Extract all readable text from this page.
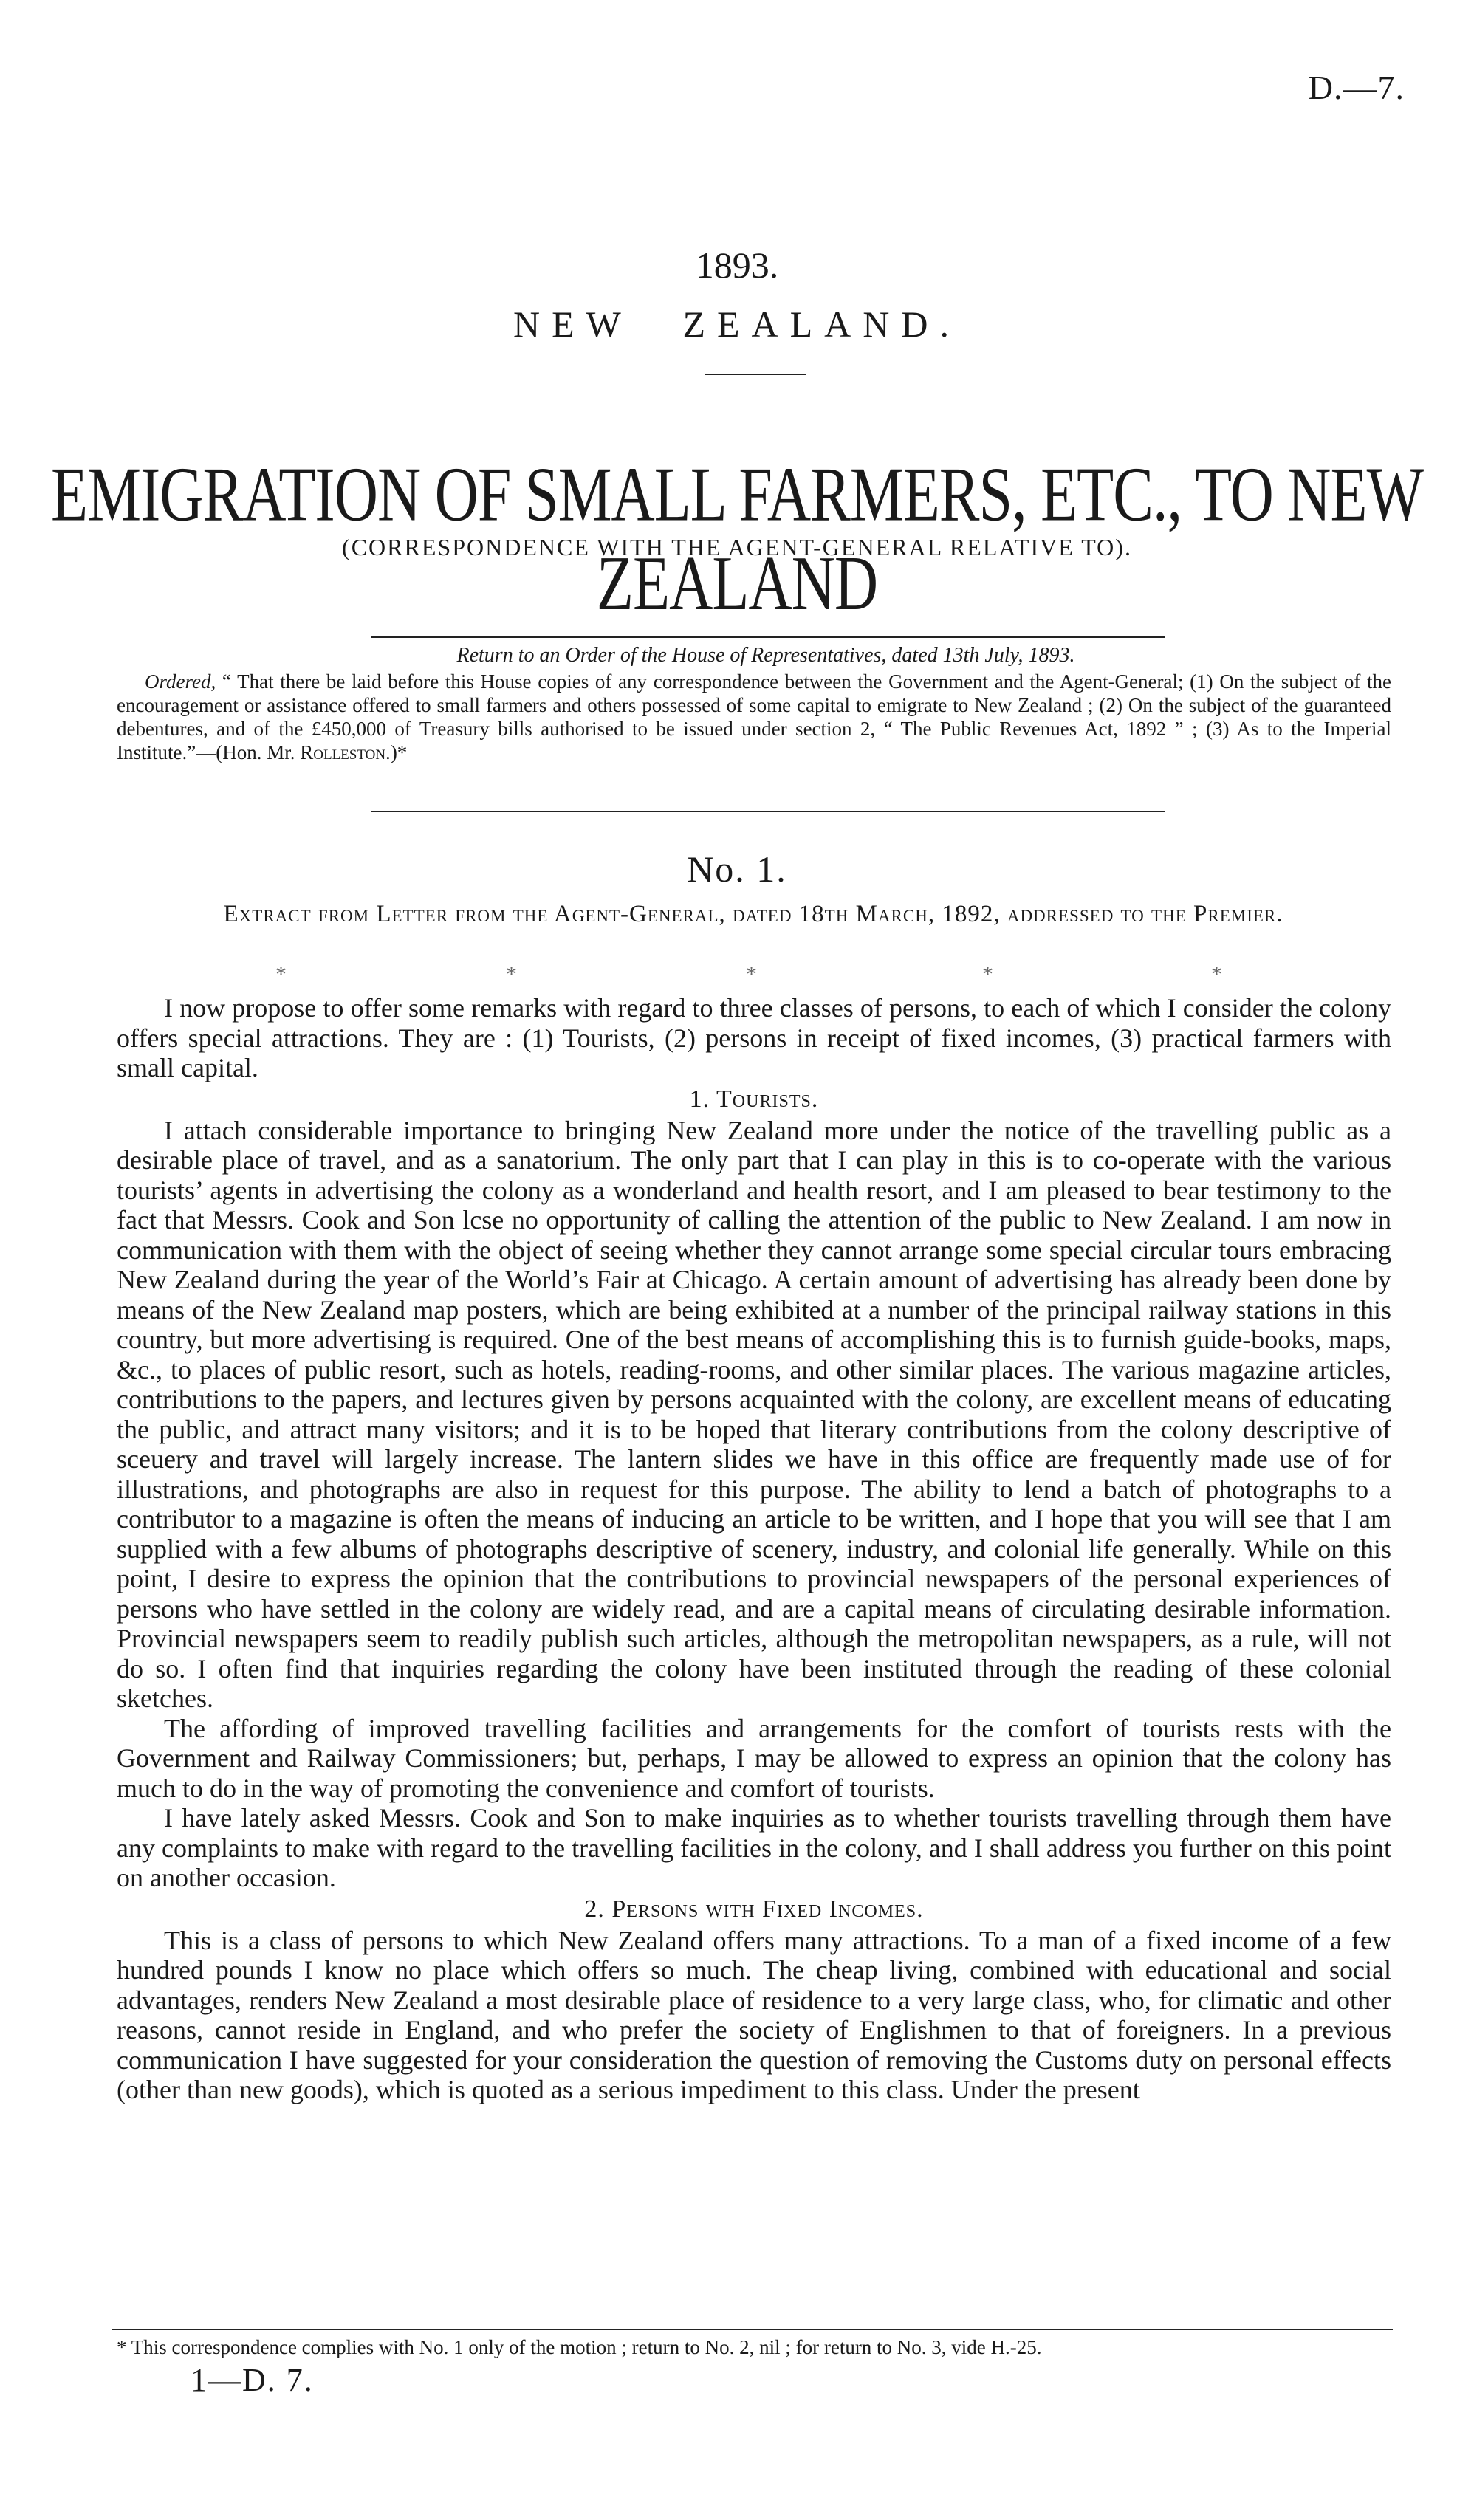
D.—7.
1893.
NEW ZEALAND.
EMIGRATION OF SMALL FARMERS, ETC., TO NEW ZEALAND
(CORRESPONDENCE WITH THE AGENT-GENERAL RELATIVE TO).
Return to an Order of the House of Representatives, dated 13th July, 1893.
Ordered, “ That there be laid before this House copies of any correspondence between the Government and the Agent-General; (1) On the subject of the encouragement or assistance offered to small farmers and others possessed of some capital to emigrate to New Zealand ; (2) On the subject of the guaranteed debentures, and of the £450,000 of Treasury bills authorised to be issued under section 2, “ The Public Revenues Act, 1892 ” ; (3) As to the Imperial Institute.”—(Hon. Mr. Rolleston.)*
No. 1.
Extract from Letter from the Agent-General, dated 18th March, 1892, addressed to the Premier.
*	*	*	*	*

I now propose to offer some remarks with regard to three classes of persons, to each of which I consider the colony offers special attractions. They are : (1) Tourists, (2) persons in receipt of fixed incomes, (3) practical farmers with small capital.

1. Tourists.

I attach considerable importance to bringing New Zealand more under the notice of the travelling public as a desirable place of travel, and as a sanatorium. The only part that I can play in this is to co-operate with the various tourists’ agents in advertising the colony as a wonderland and health resort, and I am pleased to bear testimony to the fact that Messrs. Cook and Son lcse no opportunity of calling the attention of the public to New Zealand. I am now in communication with them with the object of seeing whether they cannot arrange some special circular tours embracing New Zealand during the year of the World’s Fair at Chicago. A certain amount of advertising has already been done by means of the New Zealand map posters, which are being exhibited at a number of the principal railway stations in this country, but more advertising is required. One of the best means of accomplishing this is to furnish guide-books, maps, &c., to places of public resort, such as hotels, reading-rooms, and other similar places. The various magazine articles, contributions to the papers, and lectures given by persons acquainted with the colony, are excellent means of educating the public, and attract many visitors; and it is to be hoped that literary contributions from the colony descriptive of sceuery and travel will largely increase. The lantern slides we have in this office are frequently made use of for illustrations, and photographs are also in request for this purpose. The ability to lend a batch of photographs to a contributor to a magazine is often the means of inducing an article to be written, and I hope that you will see that I am supplied with a few albums of photographs descriptive of scenery, industry, and colonial life generally. While on this point, I desire to express the opinion that the contributions to provincial newspapers of the personal experiences of persons who have settled in the colony are widely read, and are a capital means of circulating desirable information. Provincial newspapers seem to readily publish such articles, although the metropolitan newspapers, as a rule, will not do so. I often find that inquiries regarding the colony have been instituted through the reading of these colonial sketches.

The affording of improved travelling facilities and arrangements for the comfort of tourists rests with the Government and Railway Commissioners; but, perhaps, I may be allowed to express an opinion that the colony has much to do in the way of promoting the convenience and comfort of tourists.

I have lately asked Messrs. Cook and Son to make inquiries as to whether tourists travelling through them have any complaints to make with regard to the travelling facilities in the colony, and I shall address you further on this point on another occasion.

2. Persons with Fixed Incomes.

This is a class of persons to which New Zealand offers many attractions. To a man of a fixed income of a few hundred pounds I know no place which offers so much. The cheap living, combined with educational and social advantages, renders New Zealand a most desirable place of residence to a very large class, who, for climatic and other reasons, cannot reside in England, and who prefer the society of Englishmen to that of foreigners. In a previous communication I have suggested for your consideration the question of removing the Customs duty on personal effects (other than new goods), which is quoted as a serious impediment to this class. Under the present

* This correspondence complies with No. 1 only of the motion ; return to No. 2, nil ; for return to No. 3, vide H.-25.
1—D. 7.
